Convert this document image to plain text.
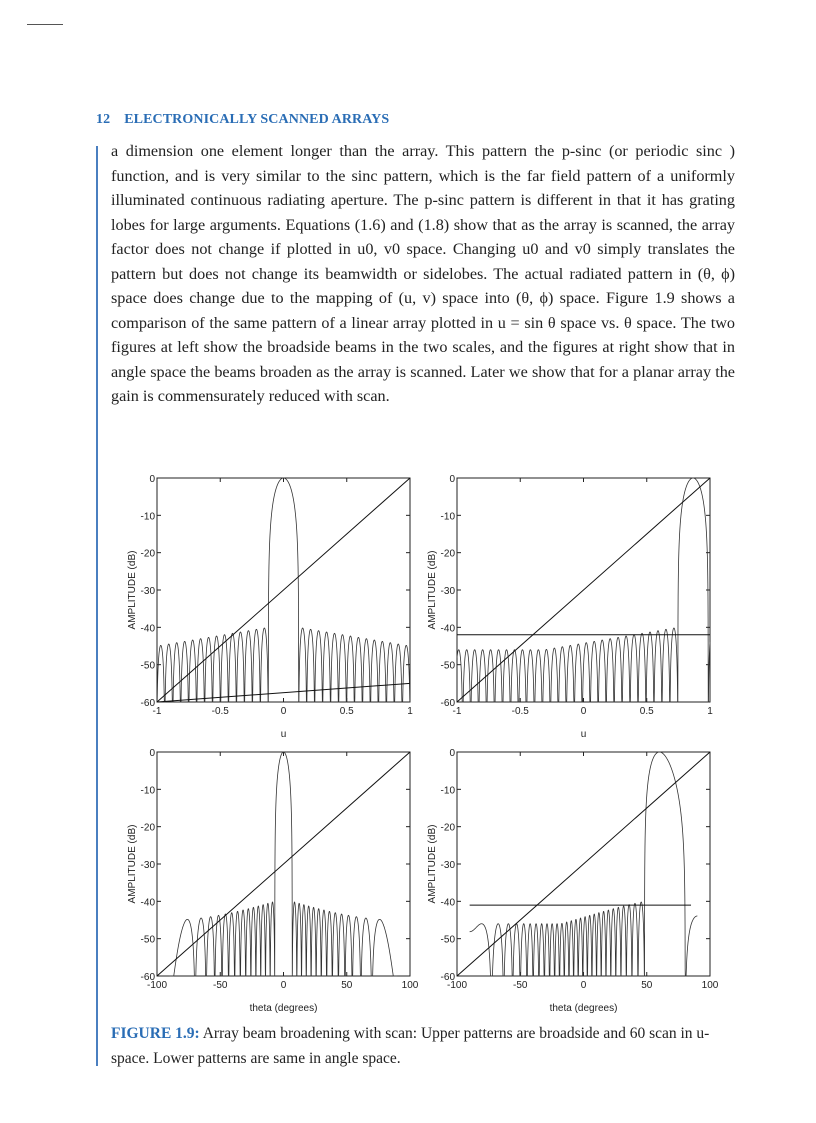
12 ELECTRONICALLY SCANNED ARRAYS
a dimension one element longer than the array. This pattern the p-sinc (or periodic sinc ) function, and is very similar to the sinc pattern, which is the far field pattern of a uniformly illuminated continuous radiating aperture. The p-sinc pattern is different in that it has grating lobes for large arguments. Equations (1.6) and (1.8) show that as the array is scanned, the array factor does not change if plotted in u0, v0 space. Changing u0 and v0 simply translates the pattern but does not change its beamwidth or sidelobes. The actual radiated pattern in (θ, ϕ) space does change due to the mapping of (u, v) space into (θ, ϕ) space. Figure 1.9 shows a comparison of the same pattern of a linear array plotted in u = sin θ space vs. θ space. The two figures at left show the broadside beams in the two scales, and the figures at right show that in angle space the beams broaden as the array is scanned. Later we show that for a planar array the gain is commensurately reduced with scan.
0
-10
-20
-30
-40
-50
-60
-1	-0.5	0	0.5	1
u
AMPLITUDE (dB)
0
-10
-20
-30
-40
-50
-60
-1	-0.5	0	0.5	1
u
AMPLITUDE (dB)
0
-10
-20
-30
-40
-50
-60
-100	-50	0	50	100
theta (degrees)
AMPLITUDE (dB)
0
-10
-20
-30
-40
-50
-60
-100	-50	0	50	100
theta (degrees)
AMPLITUDE (dB)
FIGURE 1.9: Array beam broadening with scan: Upper patterns are broadside and 60 scan in u-space. Lower patterns are same in angle space.
